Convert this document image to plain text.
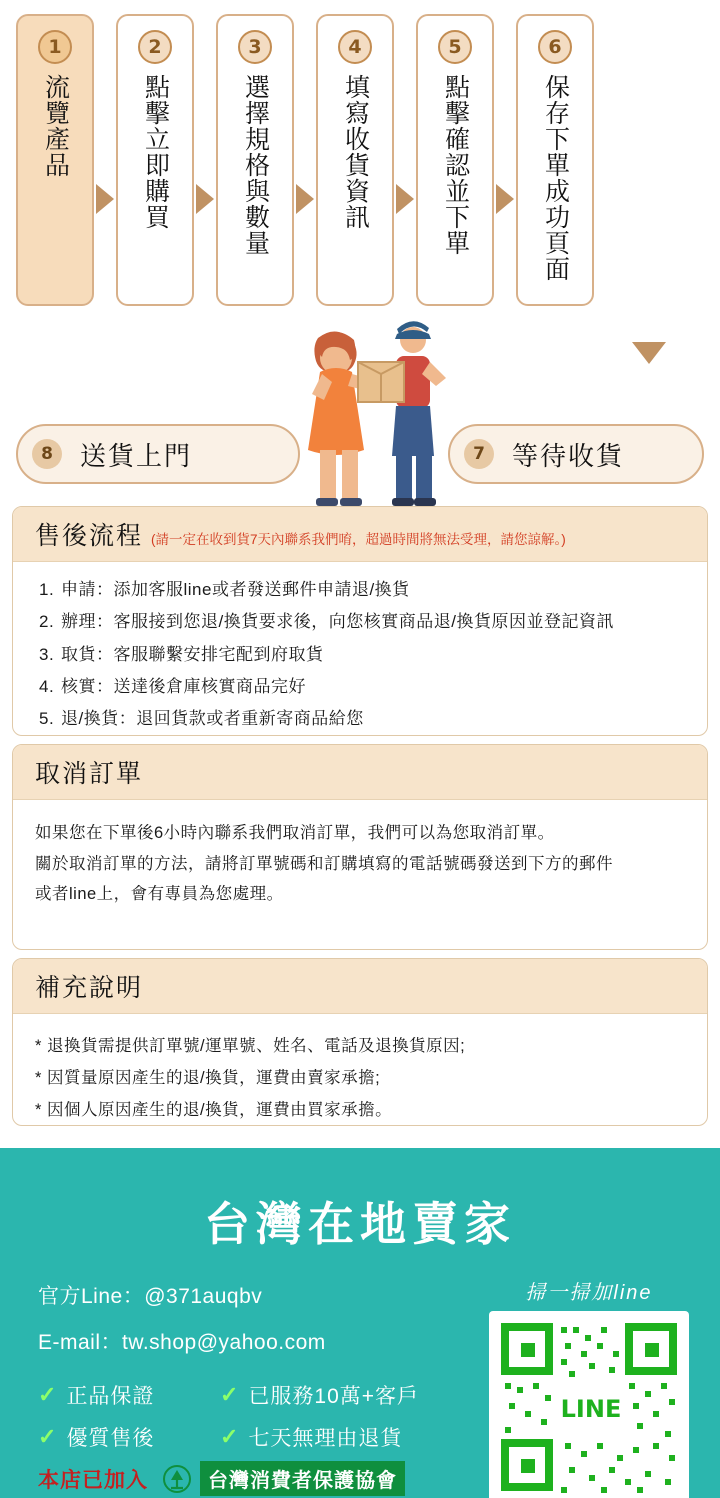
1
流覽產品
2
點擊立即購買
3
選擇規格與數量
4
填寫收貨資訊
5
點擊確認並下單
6
保存下單成功頁面
8	送貨上門	7	等待收貨
售後流程 (請一定在收到貨7天內聯系我們唷，超過時間將無法受理，請您諒解。)
1. 申請：添加客服line或者發送郵件申請退/換貨
2. 辦理：客服接到您退/換貨要求後，向您核實商品退/換貨原因並登記資訊
3. 取貨：客服聯繫安排宅配到府取貨
4. 核實：送達後倉庫核實商品完好
5. 退/換貨：退回貨款或者重新寄商品給您
取消訂單

如果您在下單後6小時內聯系我們取消訂單，我們可以為您取消訂單。

關於取消訂單的方法，請將訂單號碼和訂購填寫的電話號碼發送到下方的郵件

或者line上，會有專員為您處理。

補充說明
* 退換貨需提供訂單號/運單號、姓名、電話及退換貨原因;
* 因質量原因產生的退/換貨，運費由賣家承擔;
* 因個人原因產生的退/換貨，運費由買家承擔。
台灣在地賣家
官方Line：@371auqbv
E-mail：tw.shop@yahoo.com
✓ 正品保證	✓ 已服務10萬+客戶
✓ 優質售後	✓ 七天無理由退貨
本店已加入	台灣消費者保護協會
掃一掃加line
LINE
